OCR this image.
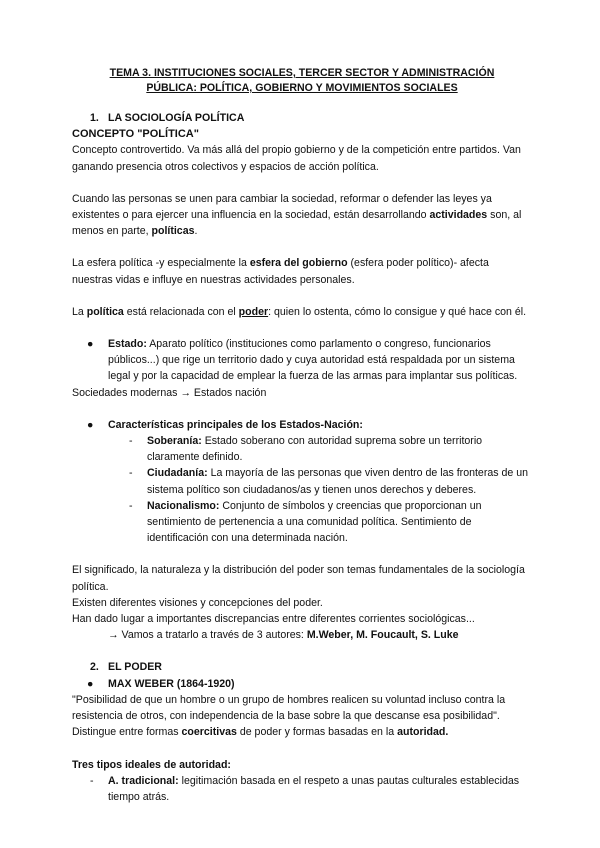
TEMA 3. INSTITUCIONES SOCIALES, TERCER SECTOR Y ADMINISTRACIÓN
PÚBLICA: POLÍTICA, GOBIERNO Y MOVIMIENTOS SOCIALES

1. LA SOCIOLOGÍA POLÍTICA

CONCEPTO "POLÍTICA"

Concepto controvertido. Va más allá del propio gobierno y de la competición entre partidos. Van ganando presencia otros colectivos y espacios de acción política.

Cuando las personas se unen para cambiar la sociedad, reformar o defender las leyes ya existentes o para ejercer una influencia en la sociedad, están desarrollando actividades son, al menos en parte, políticas.

La esfera política -y especialmente la esfera del gobierno (esfera poder político)- afecta nuestras vidas e influye en nuestras actividades personales.

La política está relacionada con el poder: quien lo ostenta, cómo lo consigue y qué hace con él.

● Estado: Aparato político (instituciones como parlamento o congreso, funcionarios públicos...) que rige un territorio dado y cuya autoridad está respaldada por un sistema legal y por la capacidad de emplear la fuerza de las armas para implantar sus políticas.

Sociedades modernas → Estados nación

● Características principales de los Estados-Nación:
- Soberanía: Estado soberano con autoridad suprema sobre un territorio claramente definido.
- Ciudadanía: La mayoría de las personas que viven dentro de las fronteras de un sistema político son ciudadanos/as y tienen unos derechos y deberes.
- Nacionalismo: Conjunto de símbolos y creencias que proporcionan un sentimiento de pertenencia a una comunidad política. Sentimiento de identificación con una determinada nación.

El significado, la naturaleza y la distribución del poder son temas fundamentales de la sociología política.

Existen diferentes visiones y concepciones del poder.

Han dado lugar a importantes discrepancias entre diferentes corrientes sociológicas...

→ Vamos a tratarlo a través de 3 autores: M.Weber, M. Foucault, S. Luke

2. EL PODER

● MAX WEBER (1864-1920)

"Posibilidad de que un hombre o un grupo de hombres realicen su voluntad incluso contra la resistencia de otros, con independencia de la base sobre la que descanse esa posibilidad".

Distingue entre formas coercitivas de poder y formas basadas en la autoridad.

Tres tipos ideales de autoridad:

- A. tradicional: legitimación basada en el respeto a unas pautas culturales establecidas tiempo atrás.
